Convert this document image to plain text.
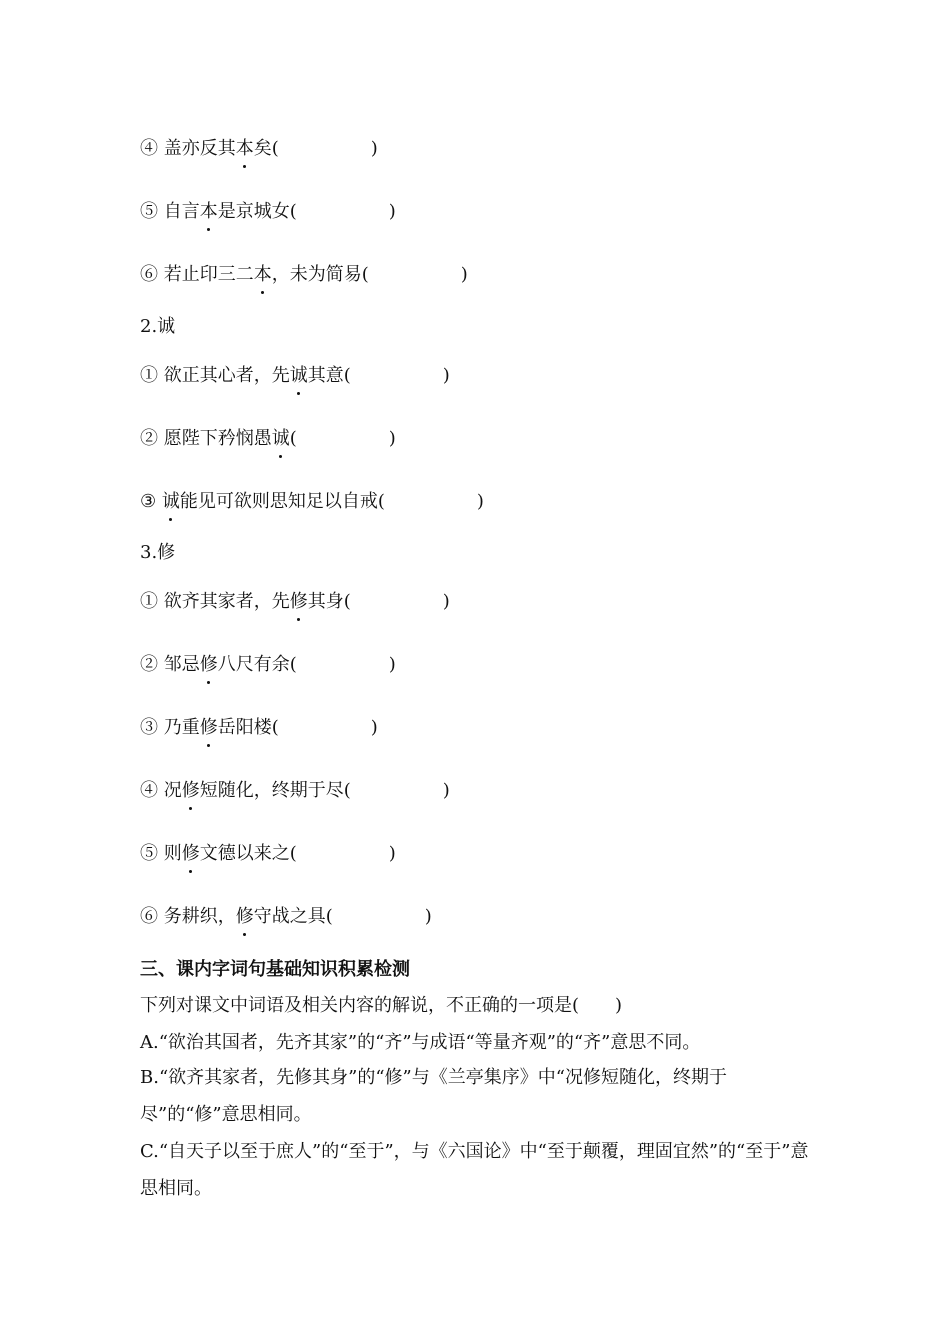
④ 盖亦反其本矣(	)

⑤ 自言本是京城女(	)

⑥ 若止印三二本，未为简易(	)

2.诚

① 欲正其心者，先诚其意(	)

② 愿陛下矜悯愚诚(	)

③ 诚能见可欲则思知足以自戒(	)

3.修

① 欲齐其家者，先修其身(	)

② 邹忌修八尺有余(	)

③ 乃重修岳阳楼(	)

④ 况修短随化，终期于尽(	)

⑤ 则修文德以来之(	)

⑥ 务耕织，修守战之具(	)

三、课内字词句基础知识积累检测

下列对课文中词语及相关内容的解说，不正确的一项是(　　)

A.“欲治其国者，先齐其家”的“齐”与成语“等量齐观”的“齐”意思不同。

B.“欲齐其家者，先修其身”的“修”与《兰亭集序》中“况修短随化，终期于尽”的“修”意思相同。

C.“自天子以至于庶人”的“至于”，与《六国论》中“至于颠覆，理固宜然”的“至于”意思相同。
